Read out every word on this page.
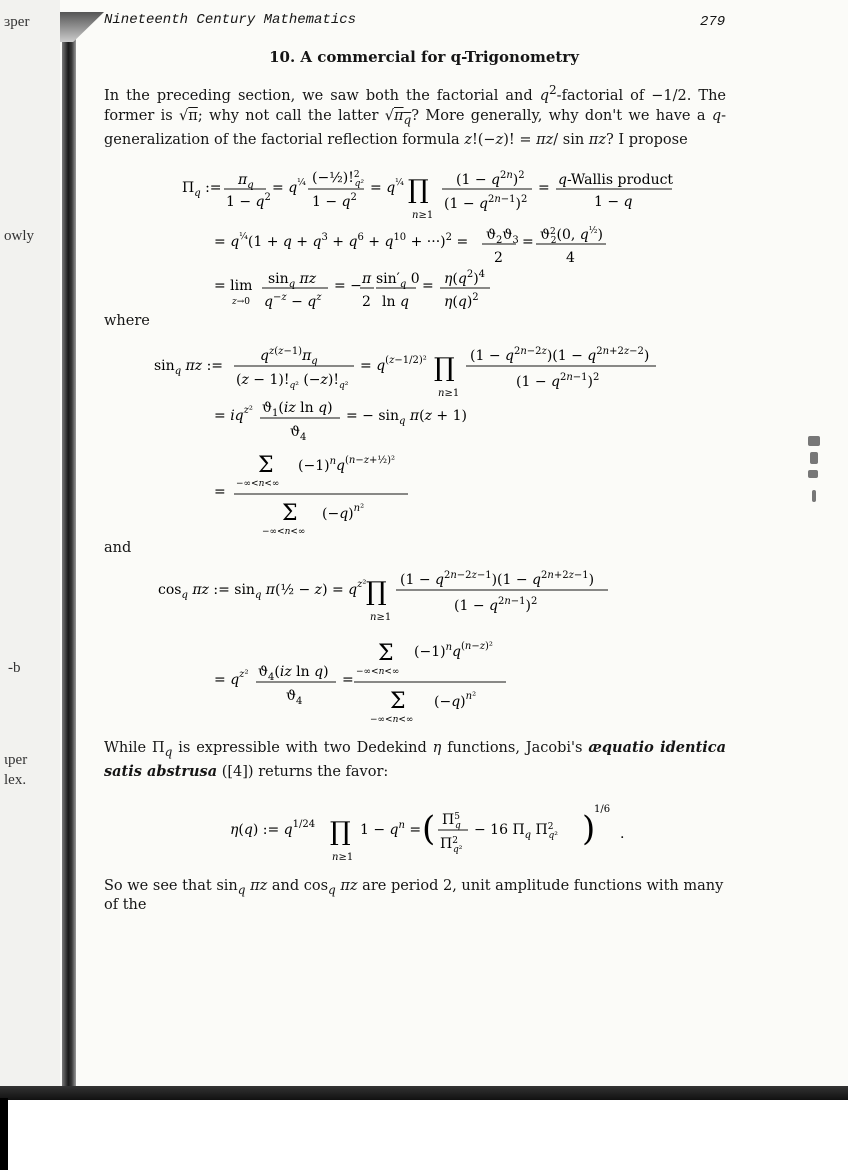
ɜper
owly
-b
ɩper
lex.
Nineteenth Century Mathematics	279
10. A commercial for q-Trigonometry
In the preceding section, we saw both the factorial and $q^2$-factorial of −1/2. The former is √π; why not call the latter $√\pi_q$? More generally, why don't we have a q-generalization of the factorial reflection formula z!(−z)! = πz/ sin πz? I propose
$\Pi_q$ := $\pi_q$
$1 - q^2$
= $q^{\frac{1}{4}}$ (−½)!$^2$ q²
$1 - q^2$
= $q^{\frac{1}{4}}$ ∏
n≥1
$(1 - q^{2n})^2$
$(1 - q^{2n-1})^2$
= q-Wallis product
1 − q
= $q^{\frac{1}{4}}(1 + q + q^3 + q^6 + q^{10} + \cdot\cdot\cdot)^2 = ϑ_2ϑ_3$
2
= $ϑ^2$ 2(0, $q^{\frac{1}{2}}$)
4
= lim
z→0
$\sin_q \pi z$
$q^{-z} - q^z$
= − π
2
$\sin'_q$ 0
ln q
= $\eta(q^2)^4$
$\eta(q)^2$
where
$\sin_q \pi z$ :=
$q^{z(z-1)}\pi_q$
$(z - 1)!_{q^2}$ $(-z)!_{q^2}$
= $q^{(z-1/2)^2}$ ∏
n≥1
$(1 - q^{2n-2z})(1 - q^{2n+2z-2})$
$(1 - q^{2n-1})^2$
= $iq^{z^2}$ $ϑ_1(iz$ ln q)
$ϑ_4$
= − $\sin_q \pi(z + 1)$
=
Σ
−∞<n<∞
$(-1)^nq^{(n-z+\frac{1}{2})^2}$
Σ
−∞<n<∞
$(-q)^{n^2}$
and
$\cos_q \pi z$ := $\sin_q$ π(½ − $z) = q^{z^2}$ ∏
n≥1
$(1 - q^{2n-2z-1})(1 - q^{2n+2z-1})$
$(1 - q^{2n-1})^2$
= $q^{z^2}$ $ϑ_4(iz$ ln q)
$ϑ_4$
=
Σ
−∞<n<∞
$(-1)^nq^{(n-z)^2}$
Σ
−∞<n<∞
$(-q)^{n^2}$
While $\Pi_q$ is expressible with two Dedekind η functions, Jacobi's æquatio identica satis abstrusa ([4]) returns the favor:
η(q) := $q^{1/24}$ ∏
n≥1
$1 - q^n$ = ( $\Pi^5$ q
$\Pi^2$ q²
− 16 $\Pi_q$ $\Pi^2$ q² )
1/6
.
So we see that $\sin_q \pi z$ and $\cos_q \pi z$ are period 2, unit amplitude functions with many of the
